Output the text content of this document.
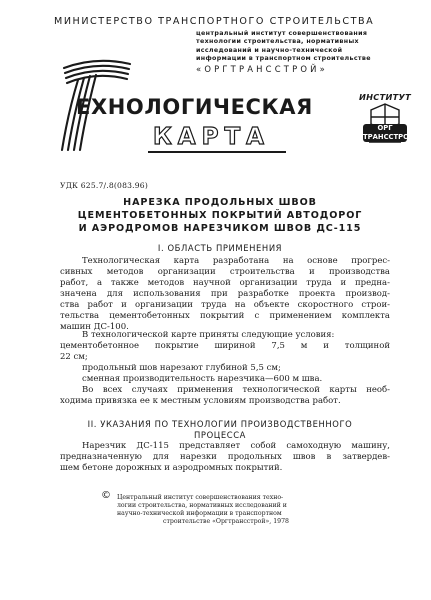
МИНИСТЕРСТВО ТРАНСПОРТНОГО СТРОИТЕЛЬСТВА
центральный институт совершенствования
технологии строительства, нормативных
исследований и научно-технической
информации в транспортном строительстве
«ОРГТРАНССТРОЙ»
ЕХНОЛОГИЧЕСКАЯ
КАРТА
ИНСТИТУТ
ОРГ ТРАНССТРОЙ
УДК 625.7/.8(083.96)
НАРЕЗКА ПРОДОЛЬНЫХ ШВОВ
ЦЕМЕНТОБЕТОННЫХ ПОКРЫТИЙ АВТОДОРОГ
И АЭРОДРОМОВ НАРЕЗЧИКОМ ШВОВ ДС-115
I. ОБЛАСТЬ ПРИМЕНЕНИЯ
Технологическая карта разработана на основе прогрес-
сивных методов организации строительства и производства
работ, а также методов научной организации труда и предна-
значена для использования при разработке проекта производ-
ства работ и организации труда на объекте скоростного строи-
тельства цементобетонных покрытий с применением комплекта
машин ДС-100.
В технологической карте приняты следующие условия:
цементобетонное покрытие шириной 7,5 м и толщиной
22 см;
продольный шов нарезают глубиной 5,5 см;
сменная производительность нарезчика—600 м шва.
Во всех случаях применения технологической карты необ-
ходима привязка ее к местным условиям производства работ.
II. УКАЗАНИЯ ПО ТЕХНОЛОГИИ ПРОИЗВОДСТВЕННОГО
ПРОЦЕССА
Нарезчик ДС-115 представляет собой самоходную машину,
предназначенную для нарезки продольных швов в затвердев-
шем бетоне дорожных и аэродромных покрытий.
© Центральный институт совершенствования техно-
логии строительства, нормативных исследований и
научно-технической информации в транспортном
строительстве «Оргтрансстрой», 1978
